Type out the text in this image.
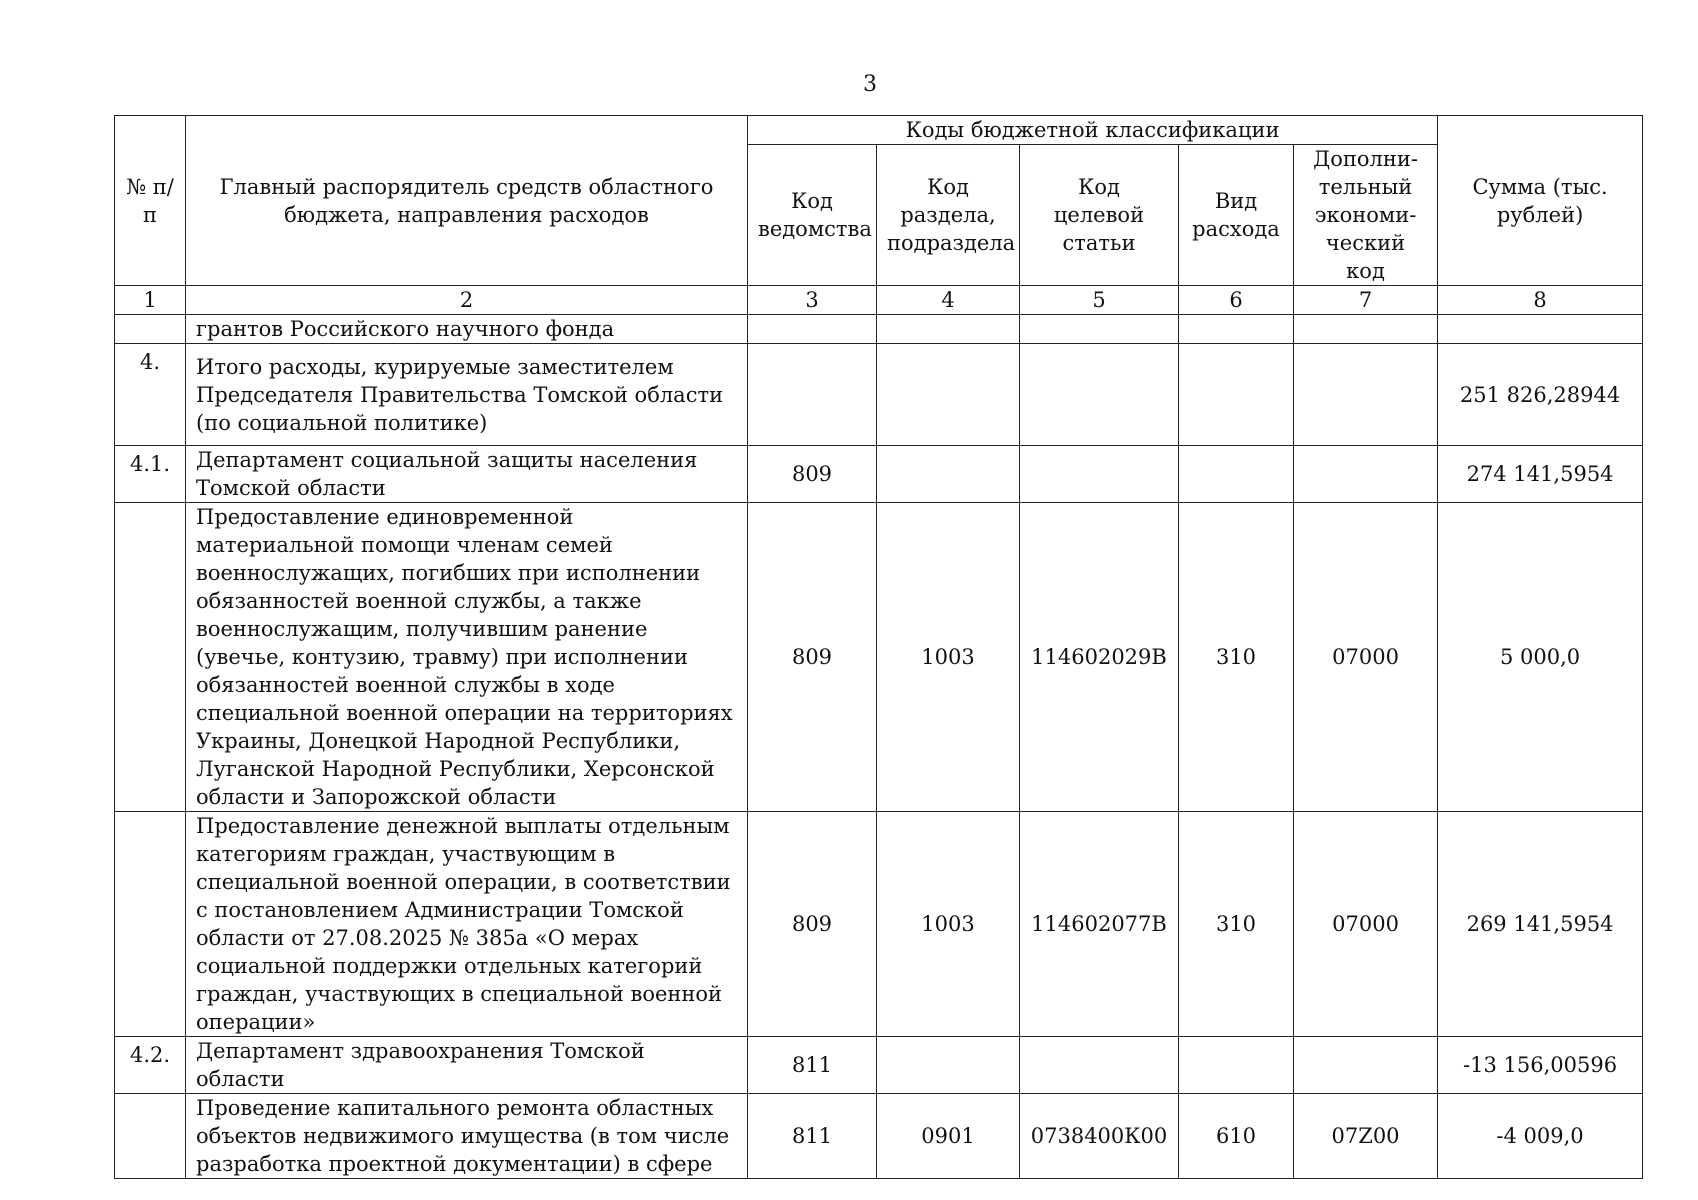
3
№ п/п	Главный распорядитель средств областного бюджета, направления расходов	Коды бюджетной классификации					Сумма (тыс. рублей)
		Код ведомства	Код раздела, подраздела	Код целевой статьи	Вид расхода	Дополни-тельный экономи-ческий код	
1	2	3	4	5	6	7	8
	грантов Российского научного фонда						
4.	Итого расходы, курируемые заместителем Председателя Правительства Томской области (по социальной политике)						251 826,28944
4.1.	Департамент социальной защиты населения Томской области	809					274 141,5954
	Предоставление единовременной материальной помощи членам семей военнослужащих, погибших при исполнении обязанностей военной службы, а также военнослужащим, получившим ранение (увечье, контузию, травму) при исполнении обязанностей военной службы в ходе специальной военной операции на территориях Украины, Донецкой Народной Республики, Луганской Народной Республики, Херсонской области и Запорожской области	809	1003	114602029В	310	07000	5 000,0
	Предоставление денежной выплаты отдельным категориям граждан, участвующим в специальной военной операции, в соответствии с постановлением Администрации Томской области от 27.08.2025 № 385а «О мерах социальной поддержки отдельных категорий граждан, участвующих в специальной военной операции»	809	1003	114602077В	310	07000	269 141,5954
4.2.	Департамент здравоохранения Томской области	811					-13 156,00596
	Проведение капитального ремонта областных объектов недвижимого имущества (в том числе разработка проектной документации) в сфере	811	0901	0738400К00	610	07Z00	-4 009,0
